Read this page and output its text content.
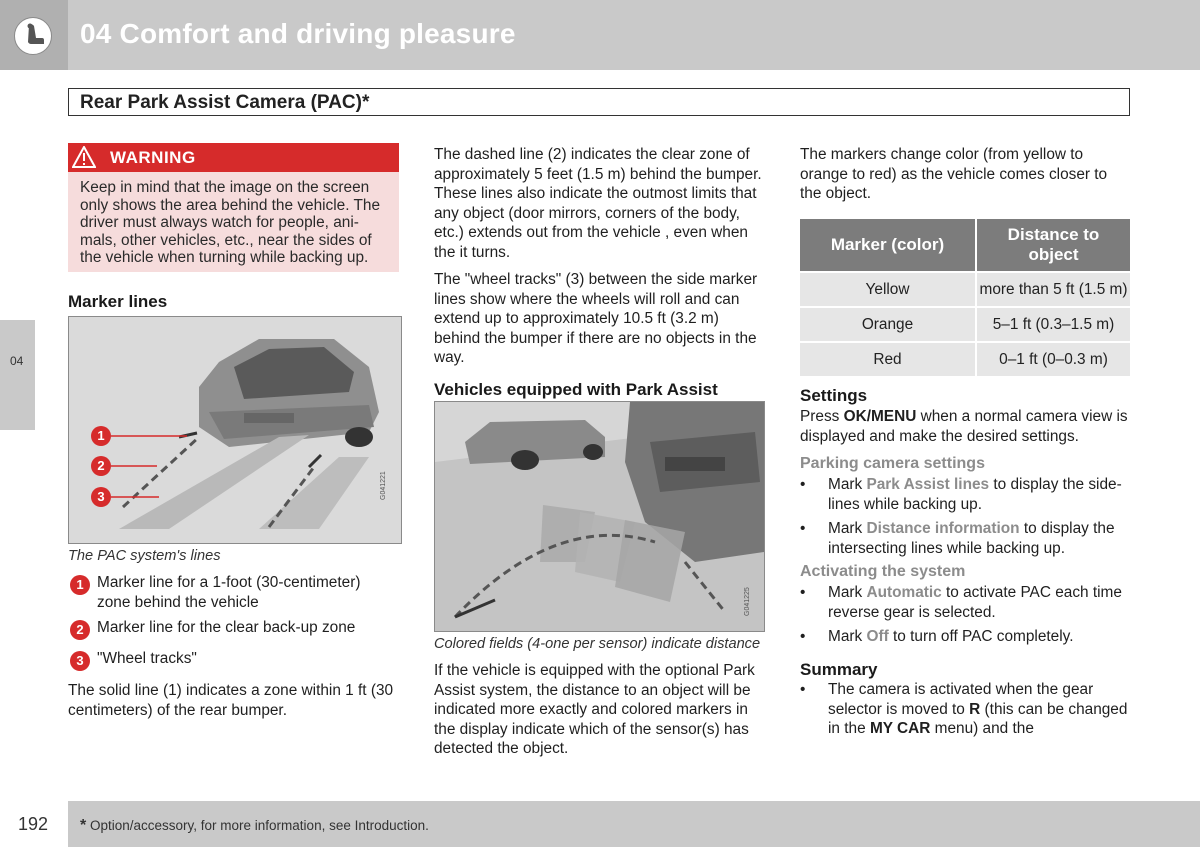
04 Comfort and driving pleasure
Rear Park Assist Camera (PAC)*
04
WARNING
Keep in mind that the image on the screen only shows the area behind the vehicle. The driver must always watch for people, ani-mals, other vehicles, etc., near the sides of the vehicle when turning while backing up.
Marker lines
1
2
3	G041221
The PAC system's lines
1 Marker line for a 1-foot (30-centimeter) zone behind the vehicle
2 Marker line for the clear back-up zone
3 "Wheel tracks"
The solid line (1) indicates a zone within 1 ft (30 centimeters) of the rear bumper.
The dashed line (2) indicates the clear zone of approximately 5 feet (1.5 m) behind the bumper. These lines also indicate the outmost limits that any object (door mirrors, corners of the body, etc.) extends out from the vehicle , even when the it turns.
The "wheel tracks" (3) between the side marker lines show where the wheels will roll and can extend up to approximately 10.5 ft (3.2 m) behind the bumper if there are no objects in the way.
Vehicles equipped with Park Assist
G041225
Colored fields (4-one per sensor) indicate distance
If the vehicle is equipped with the optional Park Assist system, the distance to an object will be indicated more exactly and colored markers in the display indicate which of the sensor(s) has detected the object.
The markers change color (from yellow to orange to red) as the vehicle comes closer to the object.
Marker (color)	Distance to object
Yellow	more than 5 ft (1.5 m)
Orange	5–1 ft (0.3–1.5 m)
Red	0–1 ft (0–0.3 m)
Settings
Press OK/MENU when a normal camera view is displayed and make the desired settings.
Parking camera settings
• Mark Park Assist lines to display the side-lines while backing up.
• Mark Distance information to display the intersecting lines while backing up.
Activating the system
• Mark Automatic to activate PAC each time reverse gear is selected.
• Mark Off to turn off PAC completely.
Summary
• The camera is activated when the gear selector is moved to R (this can be changed in the MY CAR menu) and the
192 * Option/accessory, for more information, see Introduction.
